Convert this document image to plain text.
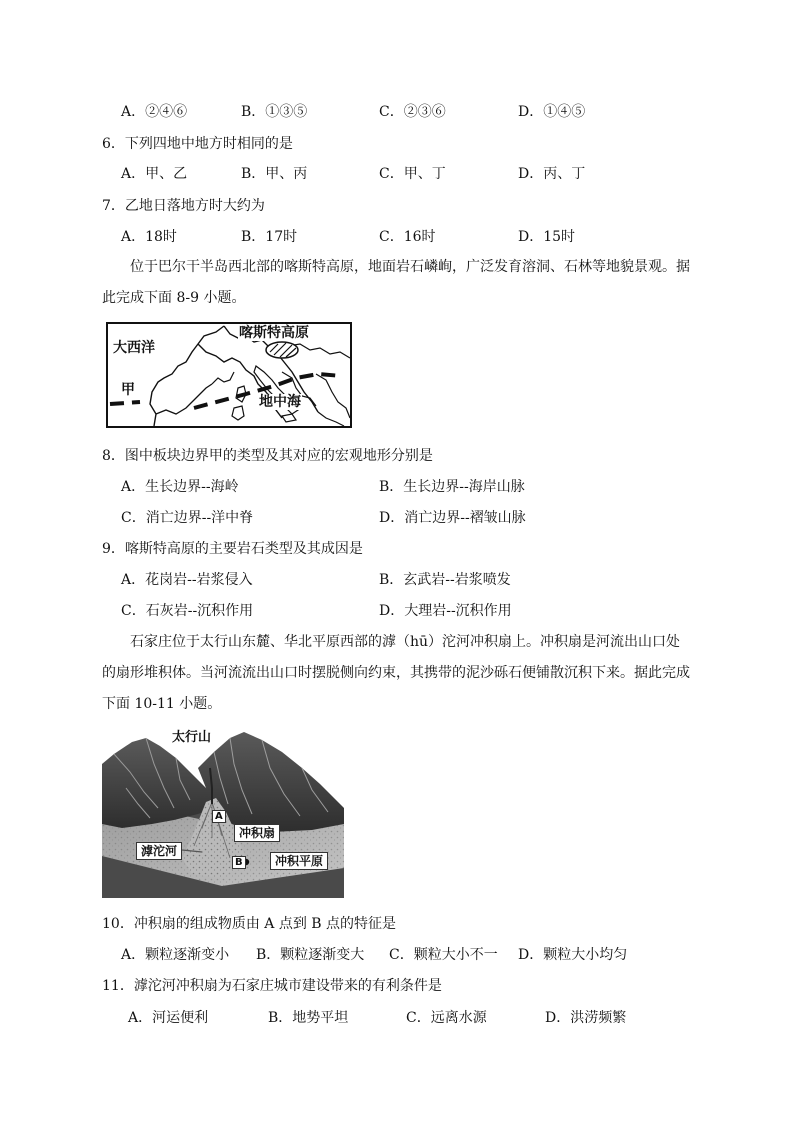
A．②④⑥	B．①③⑤	C．②③⑥	D．①④⑤
6．下列四地中地方时相同的是
A．甲、乙	B．甲、丙	C．甲、丁	D．丙、丁
7．乙地日落地方时大约为
A．18时	B．17时	C．16时	D．15时
位于巴尔干半岛西北部的喀斯特高原，地面岩石嶙峋，广泛发育溶洞、石林等地貌景观。据此完成下面 8-9 小题。
喀斯特高原
大西洋
甲
地中海
8．图中板块边界甲的类型及其对应的宏观地形分别是
A．生长边界--海岭	B．生长边界--海岸山脉
C．消亡边界--洋中脊	D．消亡边界--褶皱山脉
9．喀斯特高原的主要岩石类型及其成因是
A．花岗岩--岩浆侵入	B．玄武岩--岩浆喷发
C．石灰岩--沉积作用	D．大理岩--沉积作用
石家庄位于太行山东麓、华北平原西部的滹（hū）沱河冲积扇上。冲积扇是河流出山口处的扇形堆积体。当河流流出山口时摆脱侧向约束，其携带的泥沙砾石便铺散沉积下来。据此完成下面 10-11 小题。
太行山
A
冲积扇
滹沱河
B	冲积平原
10．冲积扇的组成物质由 A 点到 B 点的特征是
A．颗粒逐渐变小 B．颗粒逐渐变大 C．颗粒大小不一 D．颗粒大小均匀
11．滹沱河冲积扇为石家庄城市建设带来的有利条件是
A．河运便利	B．地势平坦	C．远离水源	D．洪涝频繁
